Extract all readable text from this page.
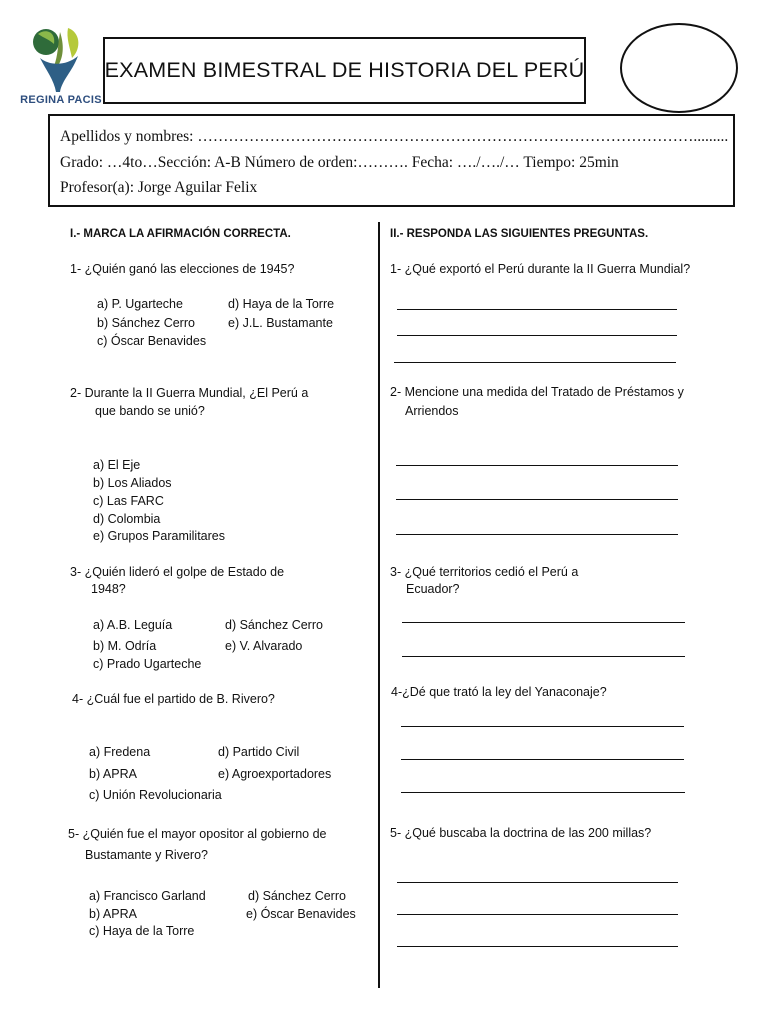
REGINA PACIS
EXAMEN BIMESTRAL DE HISTORIA DEL PERÚ
Apellidos y nombres: …………………………………………………………………………………….........
Grado: …4to…Sección: A-B Número de orden:………. Fecha: …./…./… Tiempo: 25min
Profesor(a): Jorge Aguilar Felix
I.- MARCA LA AFIRMACIÓN CORRECTA.
1- ¿Quién ganó las elecciones de 1945?
a) P. Ugarteche	d) Haya de la Torre
b) Sánchez Cerro	e) J.L. Bustamante
c) Óscar Benavides
2- Durante la II Guerra Mundial, ¿El Perú a
que bando se unió?
a) El Eje
b) Los Aliados
c) Las FARC
d) Colombia
e) Grupos Paramilitares
3- ¿Quién lideró el golpe de Estado de
1948?
a) A.B. Leguía	d) Sánchez Cerro
b) M. Odría	e) V. Alvarado
c) Prado Ugarteche
4- ¿Cuál fue el partido de B. Rivero?
a) Fredena	d) Partido Civil
b) APRA	e) Agroexportadores
c) Unión Revolucionaria
5- ¿Quién fue el mayor opositor al gobierno de
Bustamante y Rivero?
a) Francisco Garland	d) Sánchez Cerro
b) APRA	e) Óscar Benavides
c) Haya de la Torre
II.- RESPONDA LAS SIGUIENTES PREGUNTAS.
1- ¿Qué exportó el Perú durante la II Guerra Mundial?
2- Mencione una medida del Tratado de Préstamos y
Arriendos
3- ¿Qué territorios cedió el Perú a
Ecuador?
4-¿Dé que trató la ley del Yanaconaje?
5- ¿Qué buscaba la doctrina de las 200 millas?
